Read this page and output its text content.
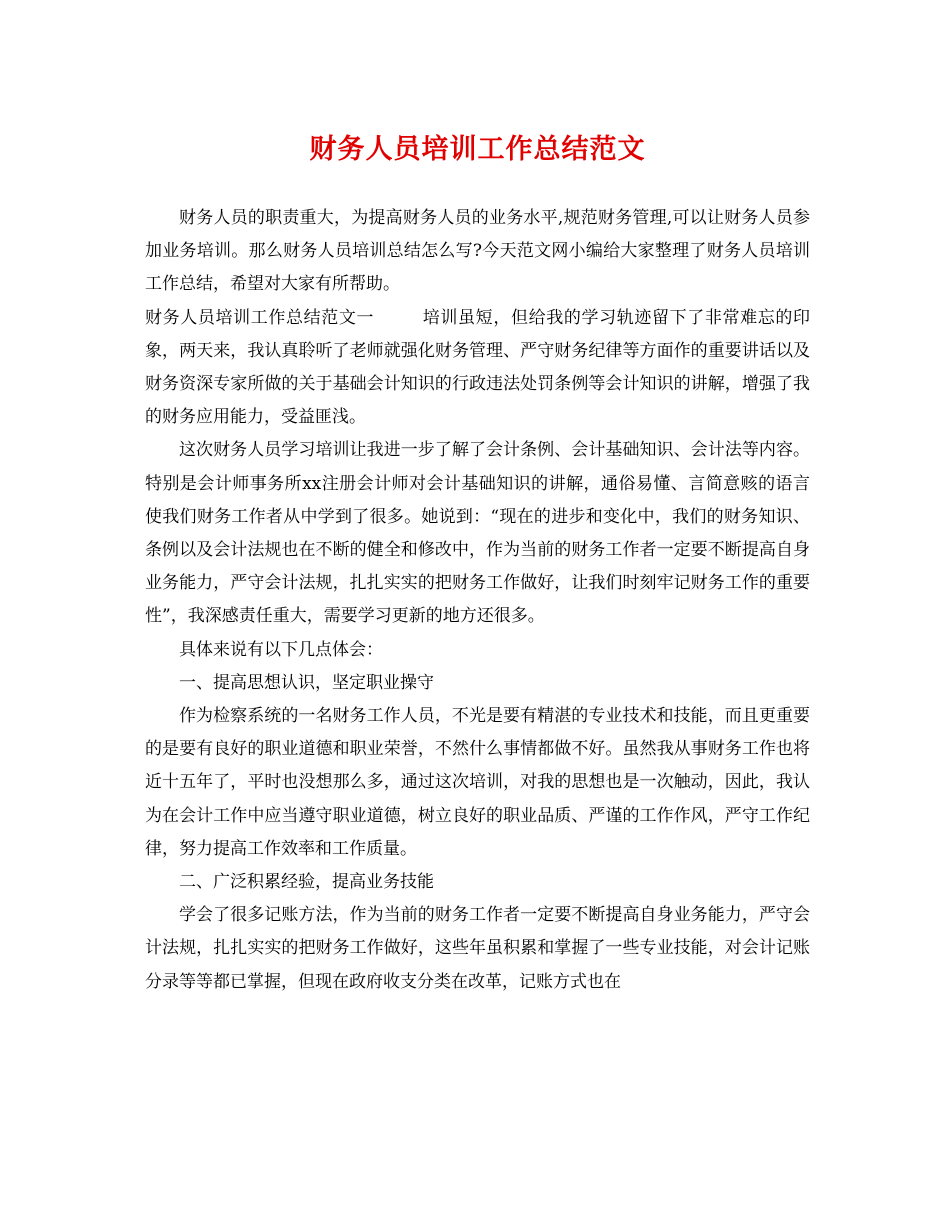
财务人员培训工作总结范文

财务人员的职责重大，为提高财务人员的业务水平,规范财务管理,可以让财务人员参加业务培训。那么财务人员培训总结怎么写?今天范文网小编给大家整理了财务人员培训工作总结，希望对大家有所帮助。

财务人员培训工作总结范文一	培训虽短，但给我的学习轨迹留下了非常难忘的印象，两天来，我认真聆听了老师就强化财务管理、严守财务纪律等方面作的重要讲话以及财务资深专家所做的关于基础会计知识的行政违法处罚条例等会计知识的讲解，增强了我的财务应用能力，受益匪浅。

这次财务人员学习培训让我进一步了解了会计条例、会计基础知识、会计法等内容。特别是会计师事务所xx注册会计师对会计基础知识的讲解，通俗易懂、言简意赅的语言使我们财务工作者从中学到了很多。她说到：“现在的进步和变化中，我们的财务知识、条例以及会计法规也在不断的健全和修改中，作为当前的财务工作者一定要不断提高自身业务能力，严守会计法规，扎扎实实的把财务工作做好，让我们时刻牢记财务工作的重要性”，我深感责任重大，需要学习更新的地方还很多。

具体来说有以下几点体会：

一、提高思想认识，坚定职业操守

作为检察系统的一名财务工作人员，不光是要有精湛的专业技术和技能，而且更重要的是要有良好的职业道德和职业荣誉，不然什么事情都做不好。虽然我从事财务工作也将近十五年了，平时也没想那么多，通过这次培训，对我的思想也是一次触动，因此，我认为在会计工作中应当遵守职业道德，树立良好的职业品质、严谨的工作作风，严守工作纪律，努力提高工作效率和工作质量。

二、广泛积累经验，提高业务技能

学会了很多记账方法，作为当前的财务工作者一定要不断提高自身业务能力，严守会计法规，扎扎实实的把财务工作做好，这些年虽积累和掌握了一些专业技能，对会计记账分录等等都已掌握，但现在政府收支分类在改革，记账方式也在
